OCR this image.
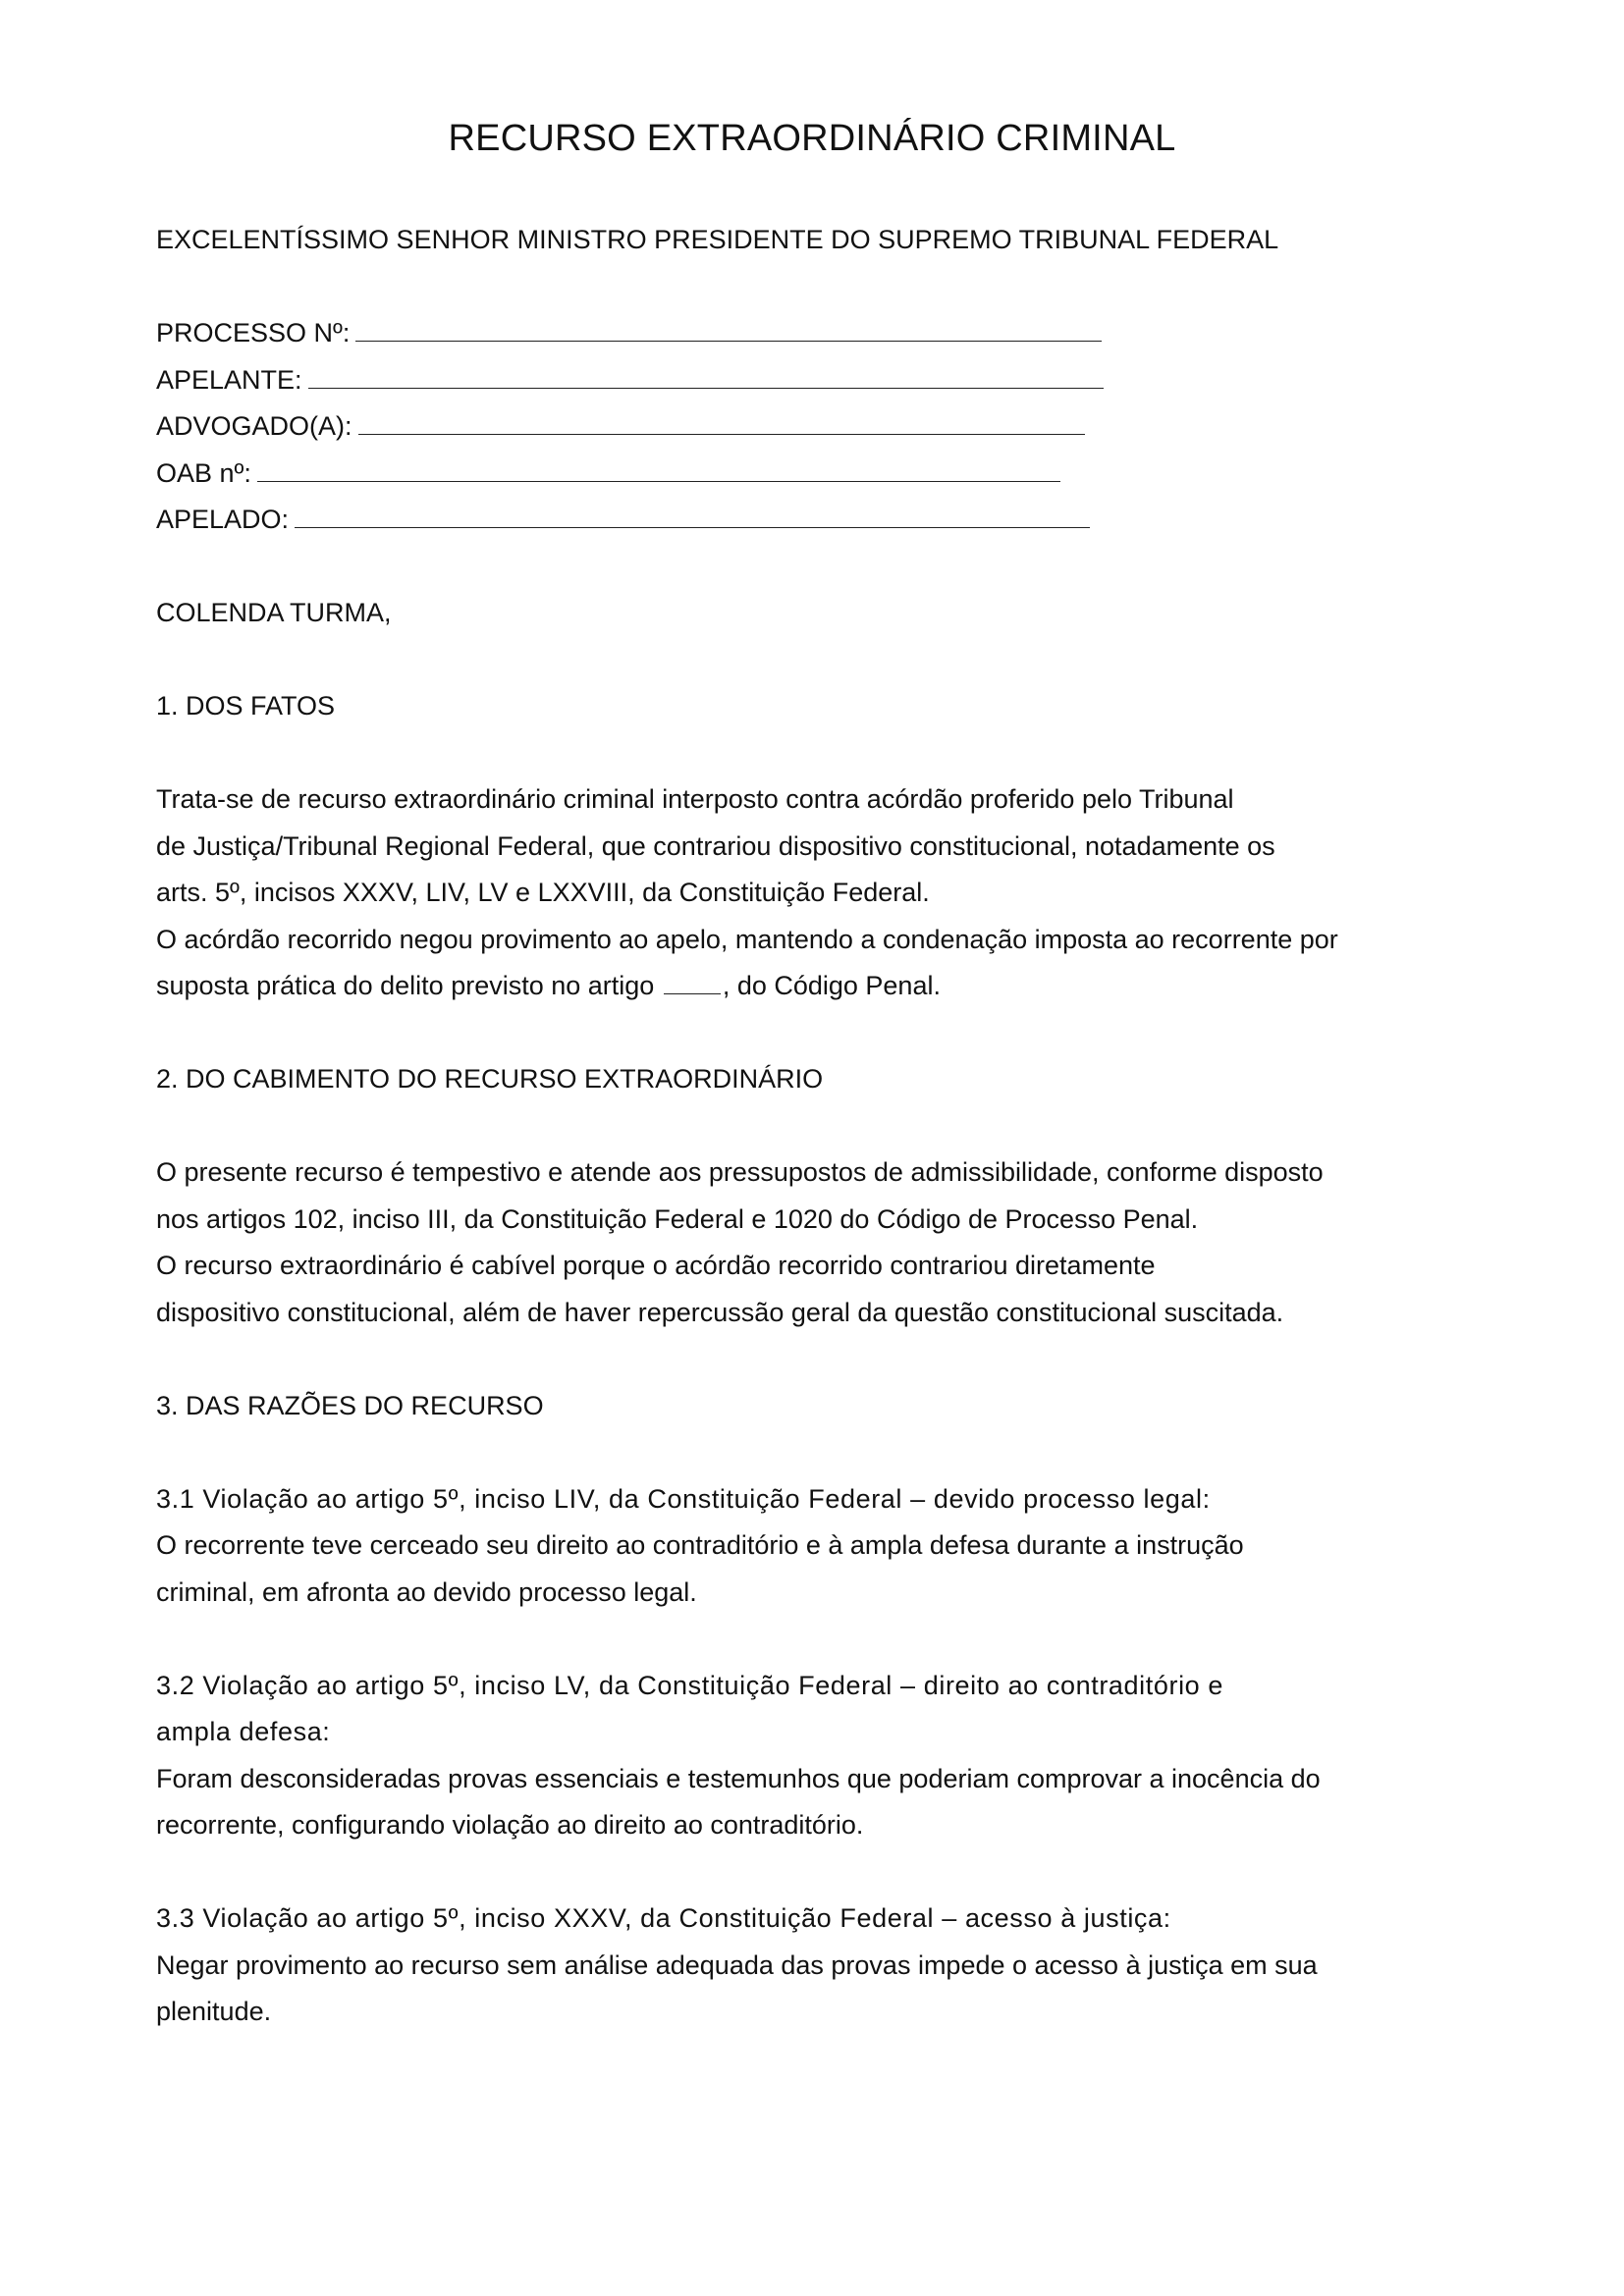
RECURSO EXTRAORDINÁRIO CRIMINAL
EXCELENTÍSSIMO SENHOR MINISTRO PRESIDENTE DO SUPREMO TRIBUNAL FEDERAL
PROCESSO Nº:
APELANTE:
ADVOGADO(A):
OAB nº:
APELADO:
COLENDA TURMA,
1. DOS FATOS
Trata-se de recurso extraordinário criminal interposto contra acórdão proferido pelo Tribunal
de Justiça/Tribunal Regional Federal, que contrariou dispositivo constitucional, notadamente os
arts. 5º, incisos XXXV, LIV, LV e LXXVIII, da Constituição Federal.
O acórdão recorrido negou provimento ao apelo, mantendo a condenação imposta ao recorrente por
suposta prática do delito previsto no artigo , do Código Penal.
2. DO CABIMENTO DO RECURSO EXTRAORDINÁRIO
O presente recurso é tempestivo e atende aos pressupostos de admissibilidade, conforme disposto
nos artigos 102, inciso III, da Constituição Federal e 1020 do Código de Processo Penal.
O recurso extraordinário é cabível porque o acórdão recorrido contrariou diretamente
dispositivo constitucional, além de haver repercussão geral da questão constitucional suscitada.
3. DAS RAZÕES DO RECURSO
3.1 Violação ao artigo 5º, inciso LIV, da Constituição Federal – devido processo legal:
O recorrente teve cerceado seu direito ao contraditório e à ampla defesa durante a instrução
criminal, em afronta ao devido processo legal.
3.2 Violação ao artigo 5º, inciso LV, da Constituição Federal – direito ao contraditório e
ampla defesa:
Foram desconsideradas provas essenciais e testemunhos que poderiam comprovar a inocência do
recorrente, configurando violação ao direito ao contraditório.
3.3 Violação ao artigo 5º, inciso XXXV, da Constituição Federal – acesso à justiça:
Negar provimento ao recurso sem análise adequada das provas impede o acesso à justiça em sua
plenitude.
